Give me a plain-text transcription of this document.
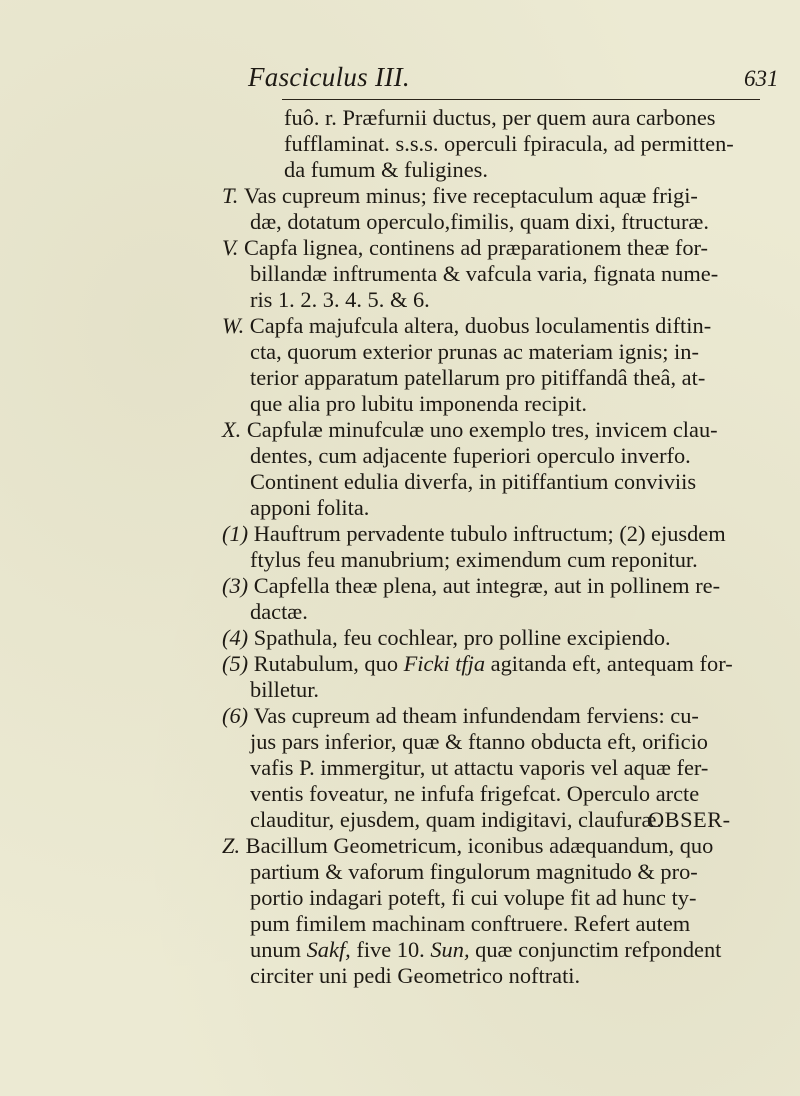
Fasciculus III.	631
fuô. r. Præfurnii ductus, per quem aura carbones
fufflaminat. s.s.s. operculi fpiracula, ad permitten-
da fumum & fuligines.
T. Vas cupreum minus; five receptaculum aquæ frigi-
dæ, dotatum operculo,fimilis, quam dixi, ftructuræ.
V. Capfa lignea, continens ad præparationem theæ for-
billandæ inftrumenta & vafcula varia, fignata nume-
ris 1. 2. 3. 4. 5. & 6.
W. Capfa majufcula altera, duobus loculamentis diftin-
cta, quorum exterior prunas ac materiam ignis; in-
terior apparatum patellarum pro pitiffandâ theâ, at-
que alia pro lubitu imponenda recipit.
X. Capfulæ minufculæ uno exemplo tres, invicem clau-
dentes, cum adjacente fuperiori operculo inverfo.
Continent edulia diverfa, in pitiffantium conviviis
apponi folita.
(1) Hauftrum pervadente tubulo inftructum; (2) ejusdem
ftylus feu manubrium; eximendum cum reponitur.
(3) Capfella theæ plena, aut integræ, aut in pollinem re-
dactæ.
(4) Spathula, feu cochlear, pro polline excipiendo.
(5) Rutabulum, quo Ficki tfja agitanda eft, antequam for-
billetur.
(6) Vas cupreum ad theam infundendam ferviens: cu-
jus pars inferior, quæ & ftanno obducta eft, orificio
vafis P. immergitur, ut attactu vaporis vel aquæ fer-
ventis foveatur, ne infufa frigefcat. Operculo arcte
clauditur, ejusdem, quam indigitavi, claufuræ.
Z. Bacillum Geometricum, iconibus adæquandum, quo
partium & vaforum fingulorum magnitudo & pro-
portio indagari poteft, fi cui volupe fit ad hunc ty-
pum fimilem machinam conftruere. Refert autem
unum Sakf, five 10. Sun, quæ conjunctim refpondent
circiter uni pedi Geometrico noftrati.
OBSER-
